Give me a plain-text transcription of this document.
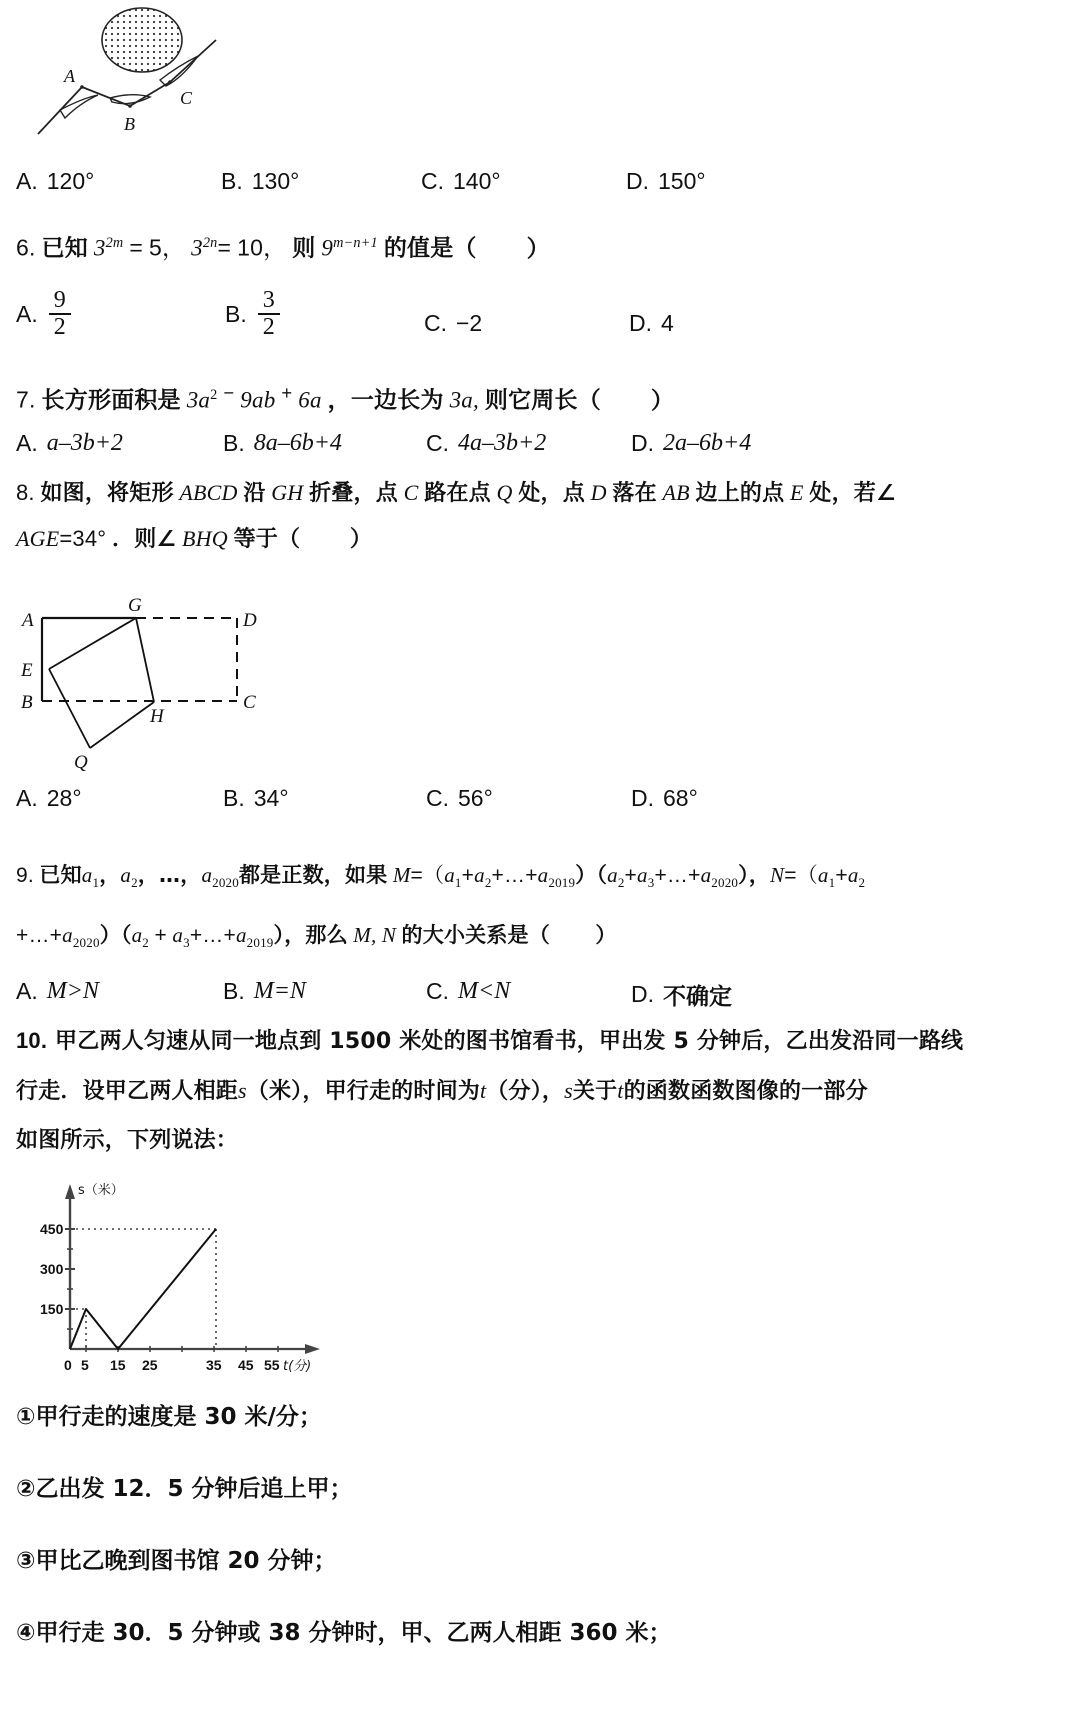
A
B
C
A. 120 °	B. 130 °	C. 140 °	D. 150 °
6. 已知 $3^{2m} = 5$， $3^{2n}= 10$， 则 $9^{m-n+1}$ 的值是（ ）
A. $\frac{9}{2}$	B. $\frac{3}{2}$	C. −2	D. 4
7. 长方形面积是 $3a^2$ − 9ab + 6a ，一边长为 3a, 则它周长（ ）
A. a–3b+2	B. 8a–6b+4	C. 4a–3b+2	D. 2a–6b+4
8. 如图，将矩形 ABCD 沿 GH 折叠，点 C 路在点 Q 处，点 D 落在 AB 边上的点 E 处，若∠
AGE=34° ．则∠ BHQ 等于（ ）
A
G
D
E
B
H
C
Q
A. 28 °	B. 34 °	C. 56 °	D. 68 °
9. 已知$a_1$，$a_2$，…，$a_{2020}$都是正数，如果 $M=(a_1+a_2+\dots+a_{2019})(a_2+a_3+\dots+a_{2020})$，$N=(a_1+a_2$
$+\dots+a_{2020})(a_2$ + $a_3+\dots+a_{2019}$），那么 M, N 的大小关系是（ ）
A. M>N	B. M=N	C. M<N	D. 不确定
10. 甲乙两人匀速从同一地点到 1500 米处的图书馆看书，甲出发 5 分钟后，乙出发沿同一路线
行走．设甲乙两人相距s（米），甲行走的时间为t（分），s关于t的函数函数图像的一部分
如图所示，下列说法：
s（米）
t(分)
450
300
150
0 5 15 25	35 45 55
①甲行走的速度是 30 米/分；
②乙出发 12．5 分钟后追上甲；
③甲比乙晚到图书馆 20 分钟；
④甲行走 30．5 分钟或 38 分钟时，甲、乙两人相距 360 米；
